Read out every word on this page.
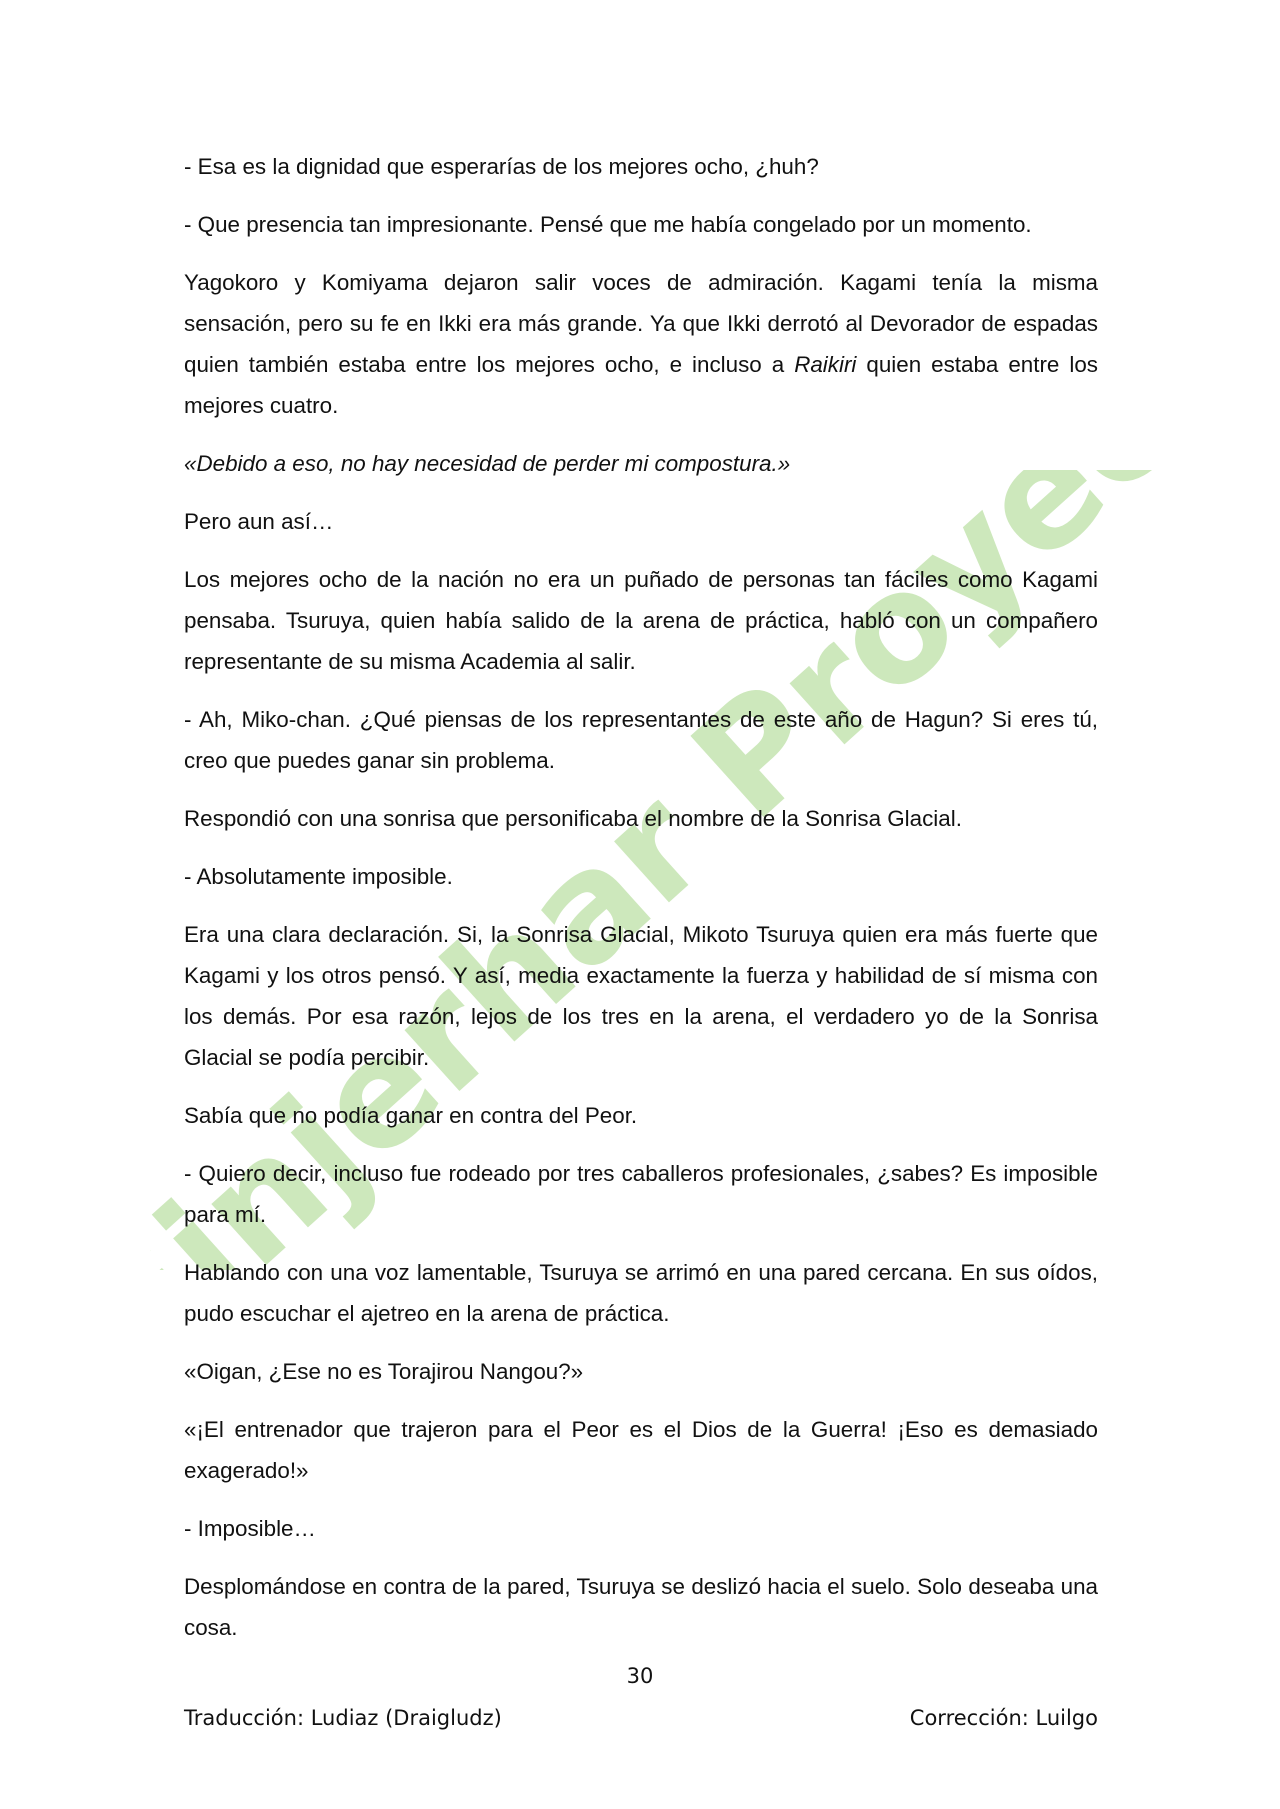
Einjerhar Proyect

- Esa es la dignidad que esperarías de los mejores ocho, ¿huh?

- Que presencia tan impresionante. Pensé que me había congelado por un momento.

Yagokoro y Komiyama dejaron salir voces de admiración. Kagami tenía la misma sensación, pero su fe en Ikki era más grande. Ya que Ikki derrotó al Devorador de espadas quien también estaba entre los mejores ocho, e incluso a Raikiri quien estaba entre los mejores cuatro.

«Debido a eso, no hay necesidad de perder mi compostura.»

Pero aun así…

Los mejores ocho de la nación no era un puñado de personas tan fáciles como Kagami pensaba. Tsuruya, quien había salido de la arena de práctica, habló con un compañero representante de su misma Academia al salir.

- Ah, Miko-chan. ¿Qué piensas de los representantes de este año de Hagun? Si eres tú, creo que puedes ganar sin problema.

Respondió con una sonrisa que personificaba el nombre de la Sonrisa Glacial.

- Absolutamente imposible.

Era una clara declaración. Si, la Sonrisa Glacial, Mikoto Tsuruya quien era más fuerte que Kagami y los otros pensó. Y así, media exactamente la fuerza y habilidad de sí misma con los demás. Por esa razón, lejos de los tres en la arena, el verdadero yo de la Sonrisa Glacial se podía percibir.

Sabía que no podía ganar en contra del Peor.

- Quiero decir, incluso fue rodeado por tres caballeros profesionales, ¿sabes? Es imposible para mí.

Hablando con una voz lamentable, Tsuruya se arrimó en una pared cercana. En sus oídos, pudo escuchar el ajetreo en la arena de práctica.

«Oigan, ¿Ese no es Torajirou Nangou?»

«¡El entrenador que trajeron para el Peor es el Dios de la Guerra! ¡Eso es demasiado exagerado!»

- Imposible…

Desplomándose en contra de la pared, Tsuruya se deslizó hacia el suelo. Solo deseaba una cosa.

30
Traducción: Ludiaz (Draigludz)	Corrección: Luilgo
